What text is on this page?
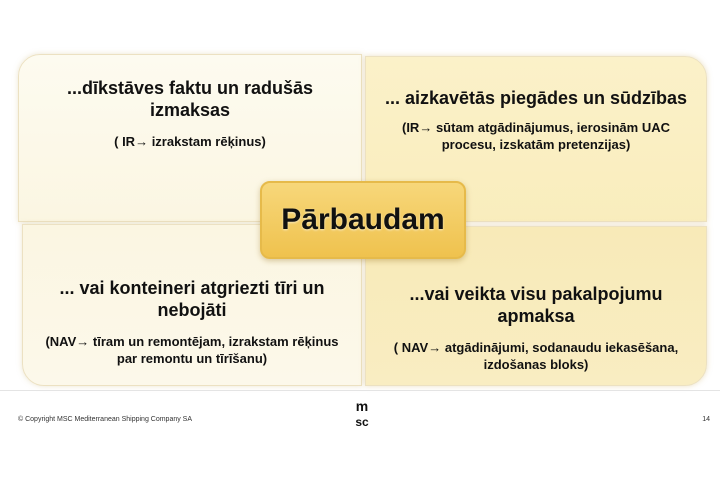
...dīkstāves faktu un radušās izmaksas
( IR→ izrakstam rēķinus)
... aizkavētās piegādes un sūdzības
(IR→ sūtam atgādinājumus, ierosinām UAC procesu, izskatām pretenzijas)
... vai konteineri atgriezti tīri un nebojāti
(NAV→ tīram un remontējam, izrakstam rēķinus par remontu un tīrīšanu)
...vai veikta visu pakalpojumu apmaksa
( NAV→ atgādinājumi, sodanaudu iekasēšana, izdošanas bloks)
Pārbaudam
© Copyright MSC Mediterranean Shipping Company SA
m
sc	14
